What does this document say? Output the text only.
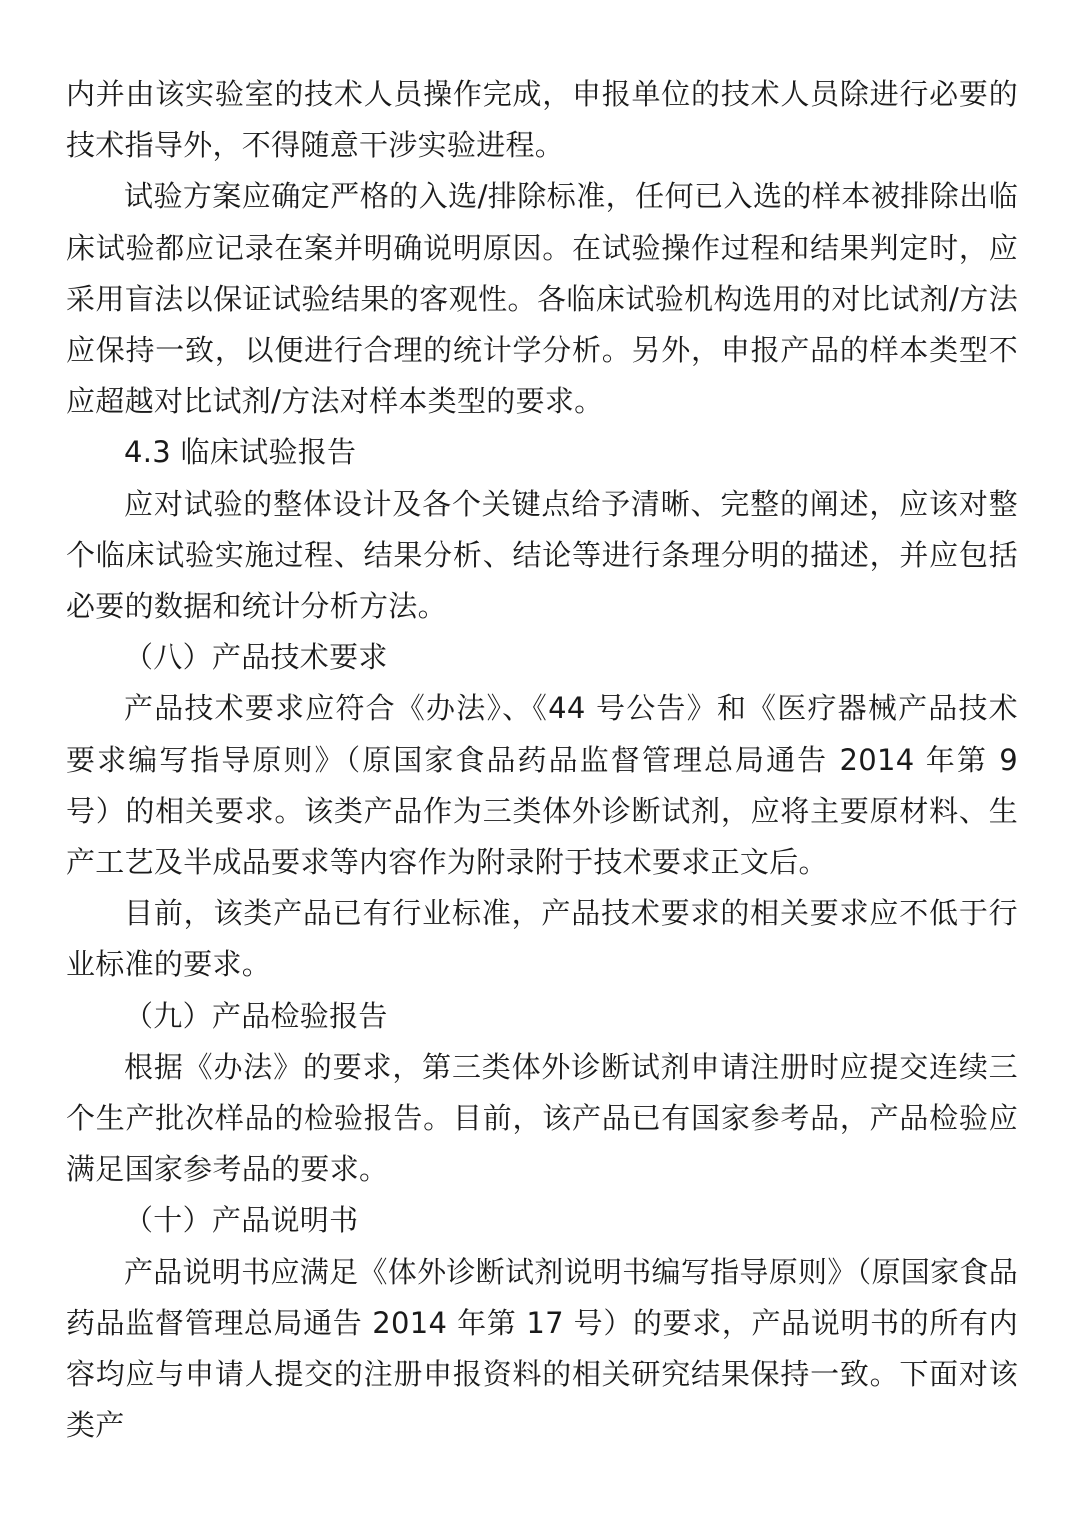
内并由该实验室的技术人员操作完成，申报单位的技术人员除进行必要的技术指导外，不得随意干涉实验进程。

试验方案应确定严格的入选/排除标准，任何已入选的样本被排除出临床试验都应记录在案并明确说明原因。在试验操作过程和结果判定时，应采用盲法以保证试验结果的客观性。各临床试验机构选用的对比试剂/方法应保持一致，以便进行合理的统计学分析。另外，申报产品的样本类型不应超越对比试剂/方法对样本类型的要求。

4.3 临床试验报告

应对试验的整体设计及各个关键点给予清晰、完整的阐述，应该对整个临床试验实施过程、结果分析、结论等进行条理分明的描述，并应包括必要的数据和统计分析方法。

（八）产品技术要求

产品技术要求应符合《办法》、《44 号公告》和《医疗器械产品技术要求编写指导原则》（原国家食品药品监督管理总局通告 2014 年第 9 号）的相关要求。该类产品作为三类体外诊断试剂，应将主要原材料、生产工艺及半成品要求等内容作为附录附于技术要求正文后。

目前，该类产品已有行业标准，产品技术要求的相关要求应不低于行业标准的要求。

（九）产品检验报告

根据《办法》的要求，第三类体外诊断试剂申请注册时应提交连续三个生产批次样品的检验报告。目前，该产品已有国家参考品，产品检验应满足国家参考品的要求。

（十）产品说明书

产品说明书应满足《体外诊断试剂说明书编写指导原则》（原国家食品药品监督管理总局通告 2014 年第 17 号）的要求，产品说明书的所有内容均应与申请人提交的注册申报资料的相关研究结果保持一致。下面对该类产
